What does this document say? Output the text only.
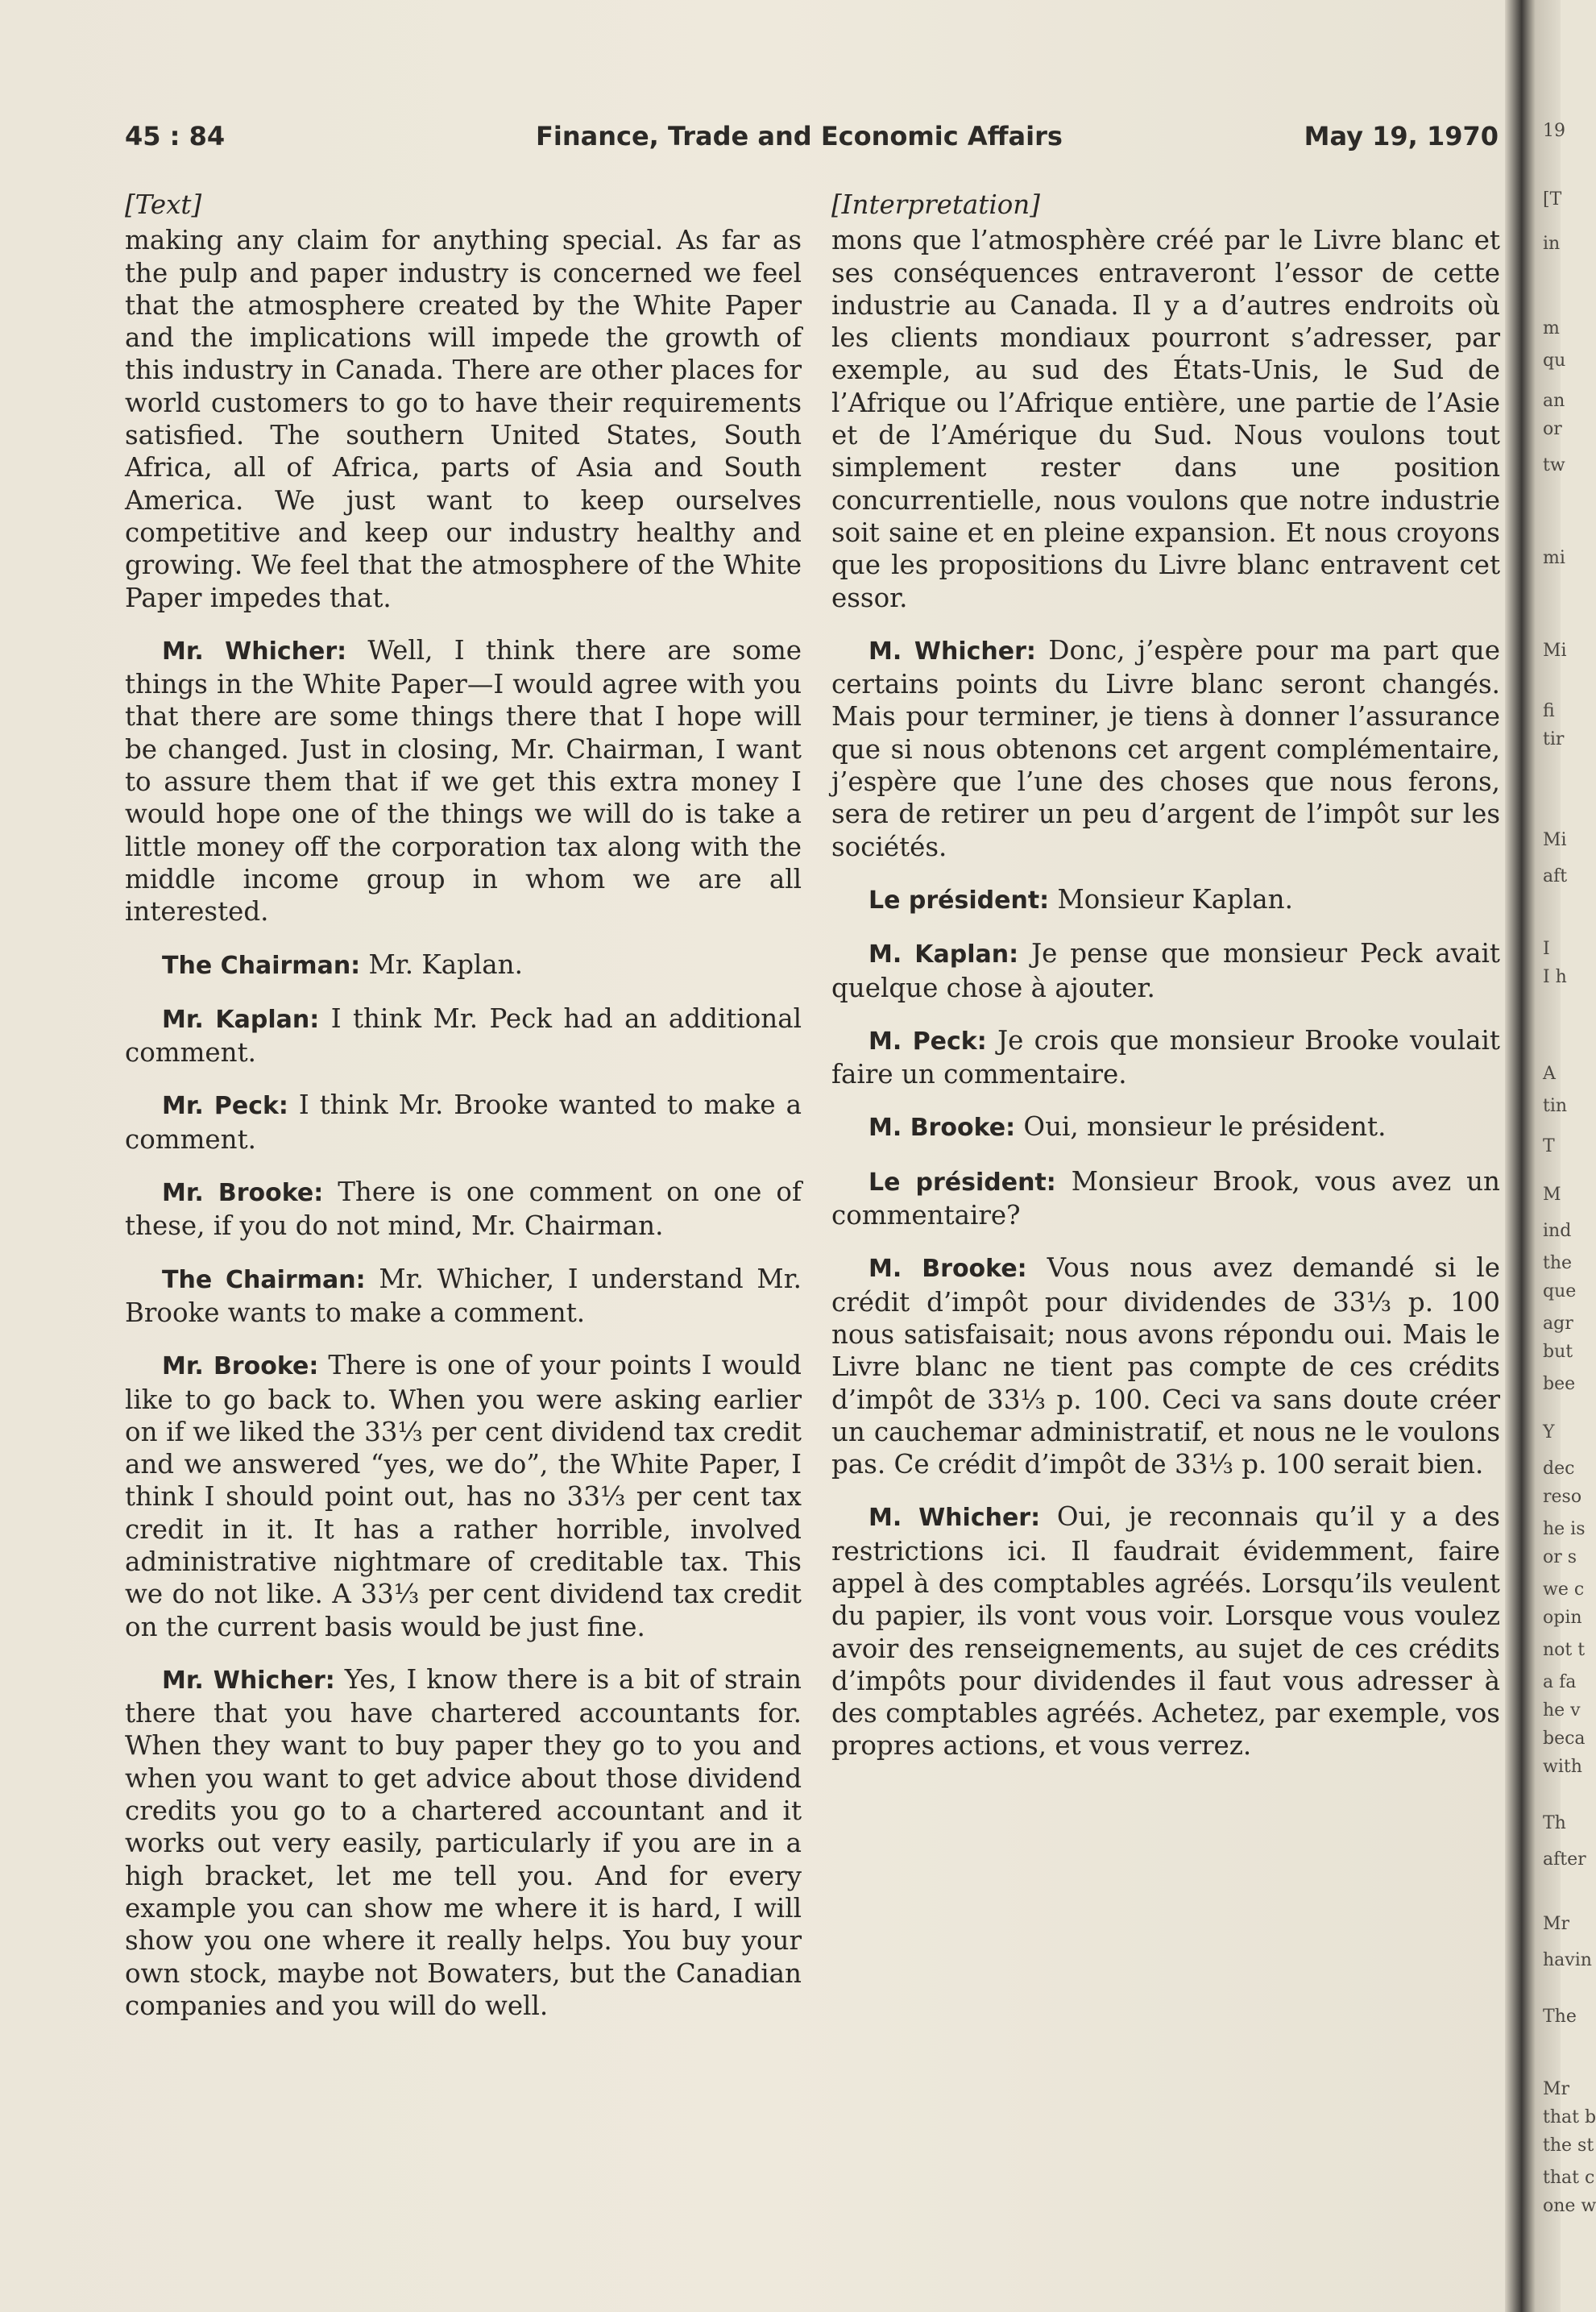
45 : 84	Finance, Trade and Economic Affairs	May 19, 1970
[Text]

making any claim for anything special. As far as the pulp and paper industry is concerned we feel that the atmosphere created by the White Paper and the implications will impede the growth of this industry in Canada. There are other places for world customers to go to have their requirements satisfied. The southern United States, South Africa, all of Africa, parts of Asia and South America. We just want to keep ourselves competitive and keep our industry healthy and growing. We feel that the atmosphere of the White Paper impedes that.

Mr. Whicher: Well, I think there are some things in the White Paper—I would agree with you that there are some things there that I hope will be changed. Just in closing, Mr. Chairman, I want to assure them that if we get this extra money I would hope one of the things we will do is take a little money off the corporation tax along with the middle income group in whom we are all interested.

The Chairman: Mr. Kaplan.

Mr. Kaplan: I think Mr. Peck had an additional comment.

Mr. Peck: I think Mr. Brooke wanted to make a comment.

Mr. Brooke: There is one comment on one of these, if you do not mind, Mr. Chairman.

The Chairman: Mr. Whicher, I understand Mr. Brooke wants to make a comment.

Mr. Brooke: There is one of your points I would like to go back to. When you were asking earlier on if we liked the 33⅓ per cent dividend tax credit and we answered “yes, we do”, the White Paper, I think I should point out, has no 33⅓ per cent tax credit in it. It has a rather horrible, involved administrative nightmare of creditable tax. This we do not like. A 33⅓ per cent dividend tax credit on the current basis would be just fine.

Mr. Whicher: Yes, I know there is a bit of strain there that you have chartered accountants for. When they want to buy paper they go to you and when you want to get advice about those dividend credits you go to a chartered accountant and it works out very easily, particularly if you are in a high bracket, let me tell you. And for every example you can show me where it is hard, I will show you one where it really helps. You buy your own stock, maybe not Bowaters, but the Canadian companies and you will do well.

[Interpretation]

mons que l’atmosphère créé par le Livre blanc et ses conséquences entraveront l’essor de cette industrie au Canada. Il y a d’autres endroits où les clients mondiaux pourront s’adresser, par exemple, au sud des États-Unis, le Sud de l’Afrique ou l’Afrique entière, une partie de l’Asie et de l’Amérique du Sud. Nous voulons tout simplement rester dans une position concurrentielle, nous voulons que notre industrie soit saine et en pleine expansion. Et nous croyons que les propositions du Livre blanc entravent cet essor.

M. Whicher: Donc, j’espère pour ma part que certains points du Livre blanc seront changés. Mais pour terminer, je tiens à donner l’assurance que si nous obtenons cet argent complémentaire, j’espère que l’une des choses que nous ferons, sera de retirer un peu d’argent de l’impôt sur les sociétés.

Le président: Monsieur Kaplan.

M. Kaplan: Je pense que monsieur Peck avait quelque chose à ajouter.

M. Peck: Je crois que monsieur Brooke voulait faire un commentaire.

M. Brooke: Oui, monsieur le président.

Le président: Monsieur Brook, vous avez un commentaire?

M. Brooke: Vous nous avez demandé si le crédit d’impôt pour dividendes de 33⅓ p. 100 nous satisfaisait; nous avons répondu oui. Mais le Livre blanc ne tient pas compte de ces crédits d’impôt de 33⅓ p. 100. Ceci va sans doute créer un cauchemar administratif, et nous ne le voulons pas. Ce crédit d’impôt de 33⅓ p. 100 serait bien.

M. Whicher: Oui, je reconnais qu’il y a des restrictions ici. Il faudrait évidemment, faire appel à des comptables agréés. Lorsqu’ils veulent du papier, ils vont vous voir. Lorsque vous voulez avoir des renseignements, au sujet de ces crédits d’impôts pour dividendes il faut vous adresser à des comptables agréés. Achetez, par exemple, vos propres actions, et vous verrez.

19
[T
in
m
qu
an
or
tw
mi
Mi
fi
tir
Mi
aft
I
I h
A
tin
T
M
ind
the
que
agr
but
bee
Y
dec
reso
he is
or s
we c
opin
not t
a fa
he v
beca
with
Th
after
Mr
havin
The
Mr
that b
the st
that c
one w
